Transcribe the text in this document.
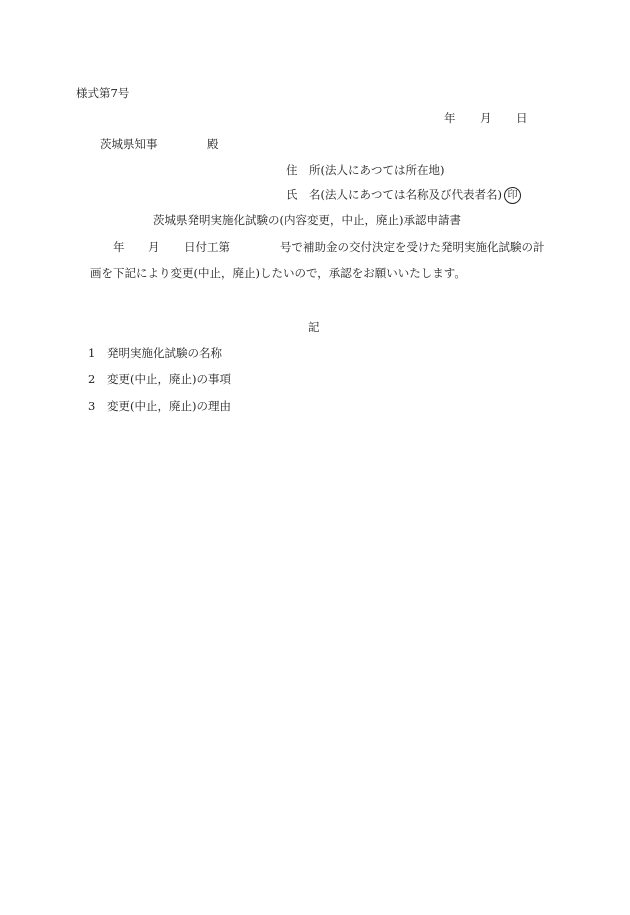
様式第7号
年 月 日
茨城県知事	殿
住　所(法人にあつては所在地)
氏　名(法人にあつては名称及び代表者名) 印
茨城県発明実施化試験の(内容変更，中止，廃止)承認申請書
年 月 日付工第	号で補助金の交付決定を受けた発明実施化試験の計
画を下記により変更(中止，廃止)したいので，承認をお願いいたします。
記
1 発明実施化試験の名称
2 変更(中止，廃止)の事項
3 変更(中止，廃止)の理由
